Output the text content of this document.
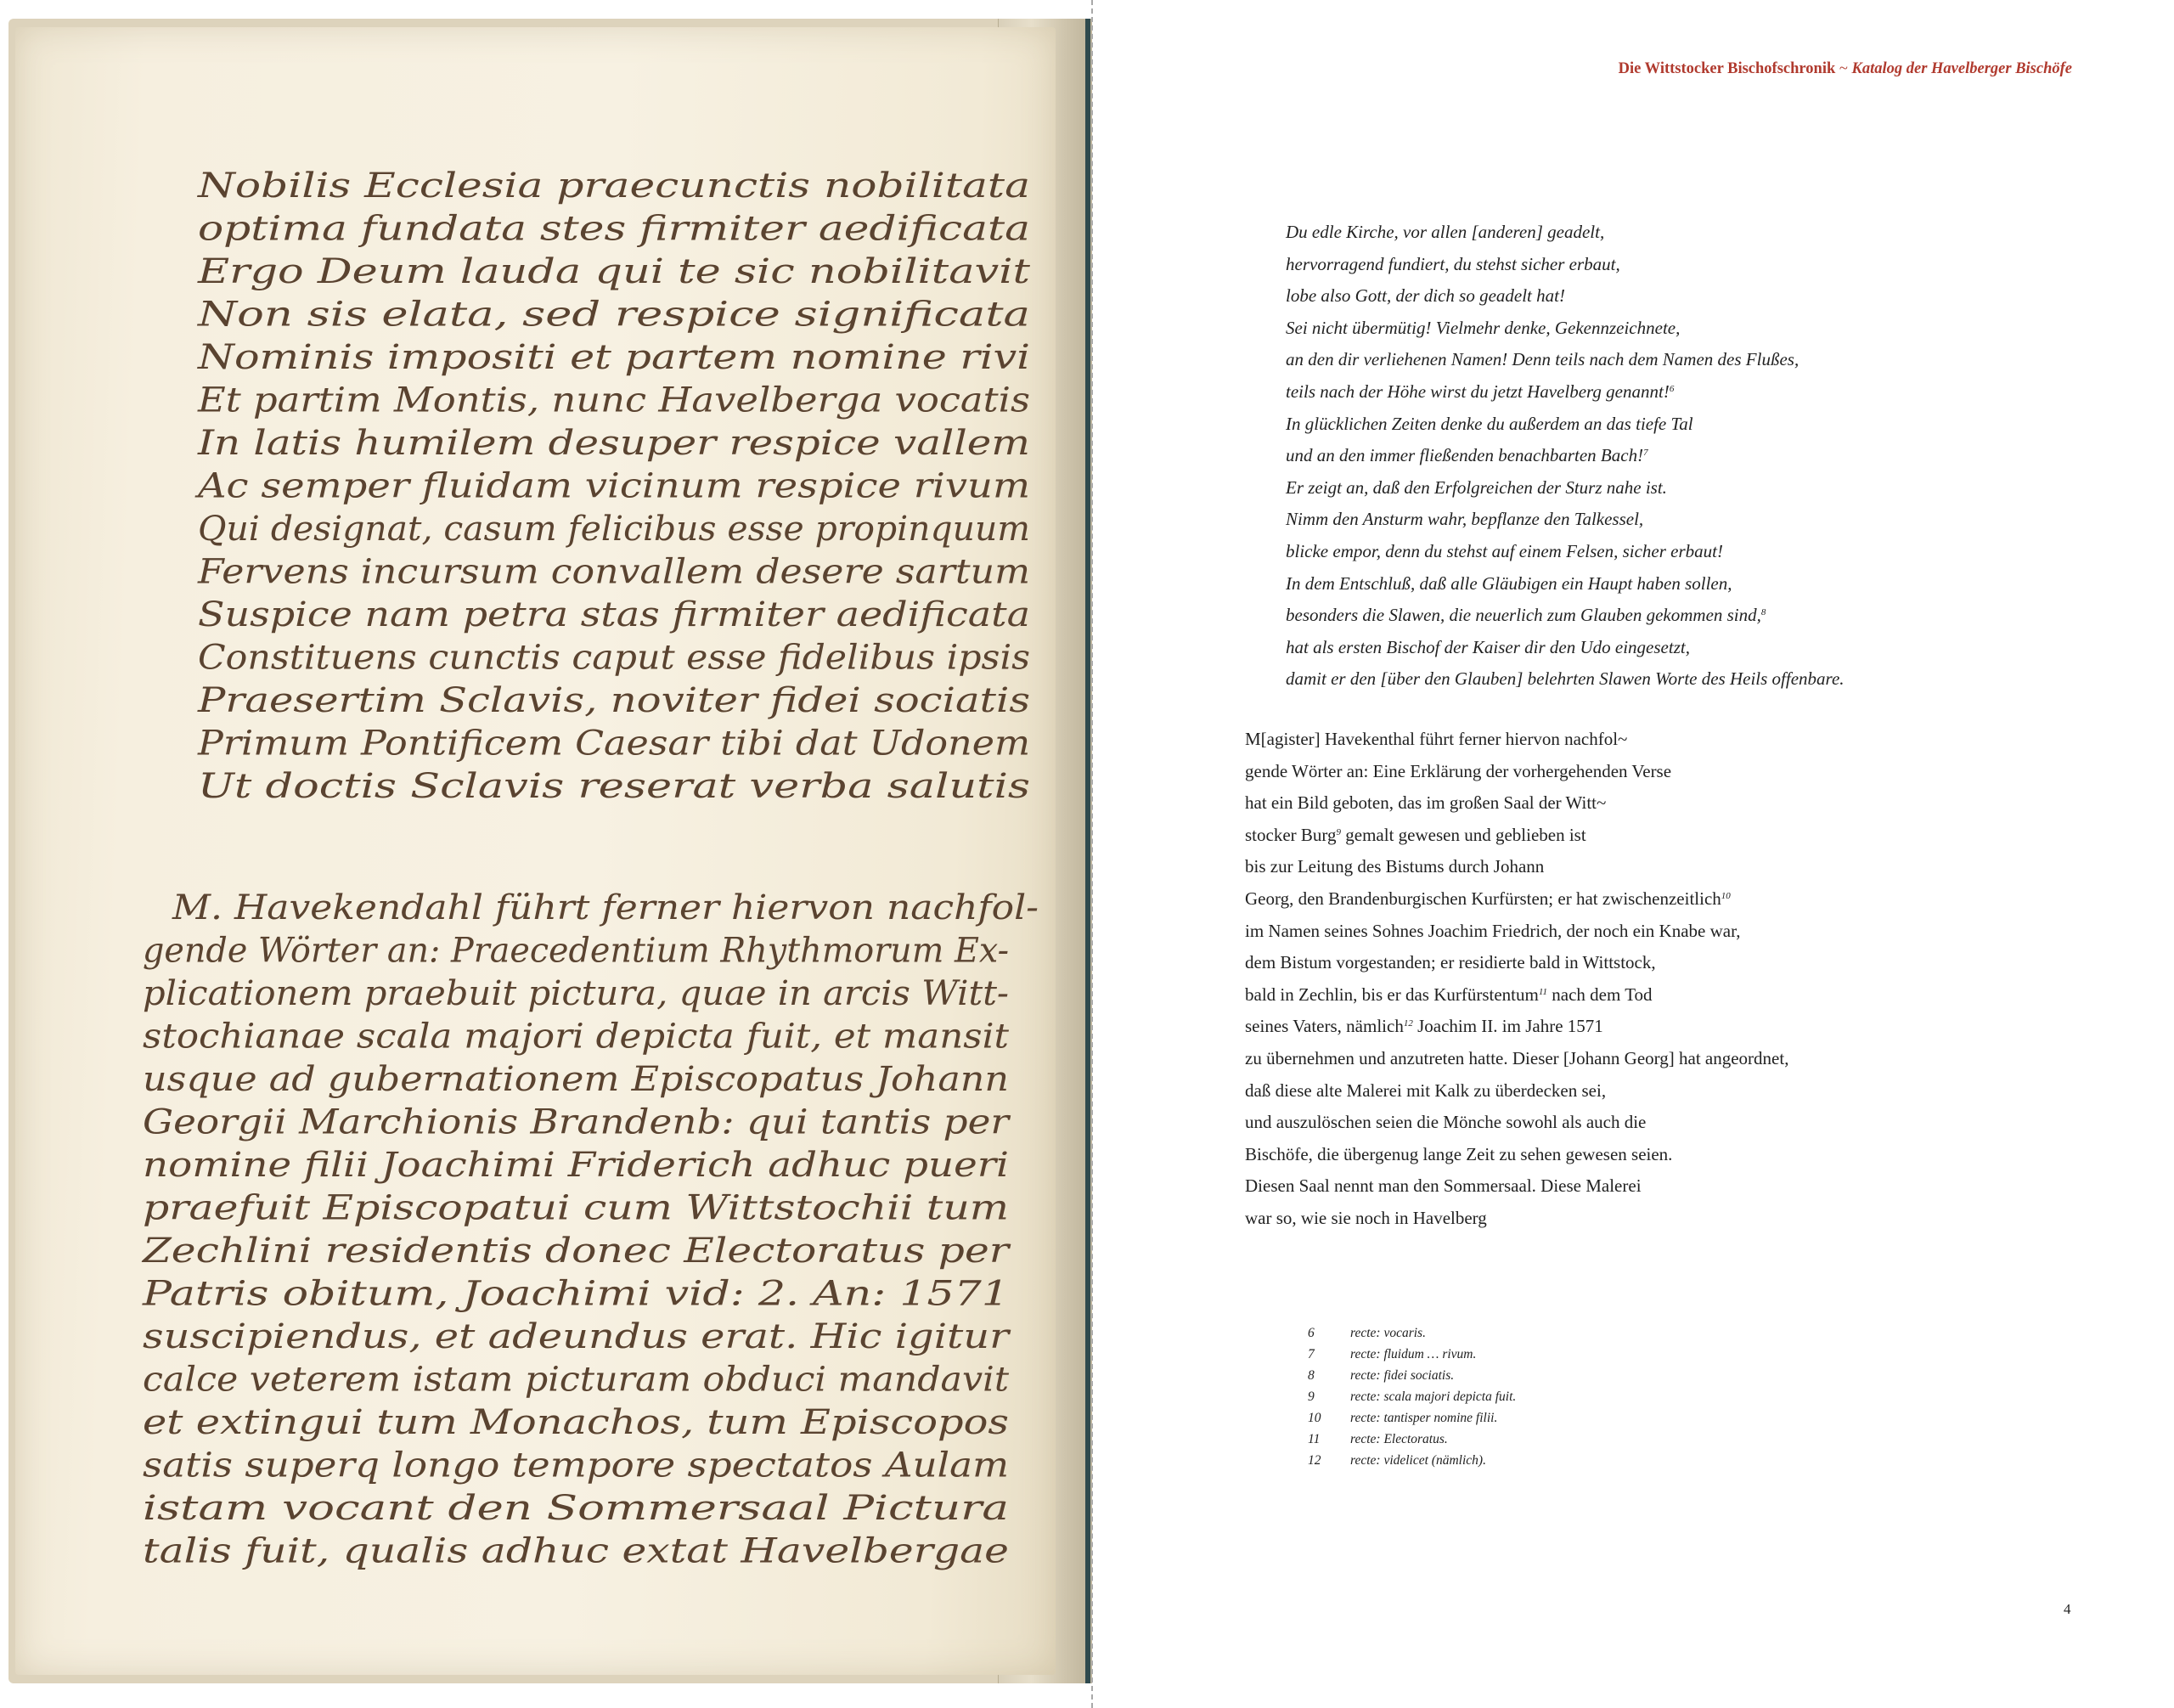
Nobilis Ecclesia praecunctis nobilitata
optima fundata stes firmiter aedificata
Ergo Deum lauda qui te sic nobilitavit
Non sis elata, sed respice significata
Nominis impositi et partem nomine rivi
Et partim Montis, nunc Havelberga vocatis
In latis humilem desuper respice vallem
Ac semper fluidam vicinum respice rivum
Qui designat, casum felicibus esse propinquum
Fervens incursum convallem desere sartum
Suspice nam petra stas firmiter aedificata
Constituens cunctis caput esse fidelibus ipsis
Praesertim Sclavis, noviter fidei sociatis
Primum Pontificem Caesar tibi dat Udonem
Ut doctis Sclavis reserat verba salutis
M. Havekendahl führt ferner hiervon nachfol-
gende Wörter an: Praecedentium Rhythmorum Ex-
plicationem praebuit pictura, quae in arcis Witt-
stochianae scala majori depicta fuit, et mansit
usque ad gubernationem Episcopatus Johann
Georgii Marchionis Brandenb: qui tantis per
nomine filii Joachimi Friderich adhuc pueri
praefuit Episcopatui cum Wittstochii tum
Zechlini residentis donec Electoratus per
Patris obitum, Joachimi vid: 2. An: 1571
suscipiendus, et adeundus erat. Hic igitur
calce veterem istam picturam obduci mandavit
et extingui tum Monachos, tum Episcopos
satis superq longo tempore spectatos Aulam
istam vocant den Sommersaal Pictura
talis fuit, qualis adhuc extat Havelbergae
Die Wittstocker Bischofschronik ~ Katalog der Havelberger Bischöfe
Du edle Kirche, vor allen [anderen] geadelt,
hervorragend fundiert, du stehst sicher erbaut,
lobe also Gott, der dich so geadelt hat!
Sei nicht übermütig! Vielmehr denke, Gekennzeichnete,
an den dir verliehenen Namen! Denn teils nach dem Namen des Flußes,
teils nach der Höhe wirst du jetzt Havelberg genannt!$^6$
In glücklichen Zeiten denke du außerdem an das tiefe Tal
und an den immer fließenden benachbarten Bach!$^7$
Er zeigt an, daß den Erfolgreichen der Sturz nahe ist.
Nimm den Ansturm wahr, bepflanze den Talkessel,
blicke empor, denn du stehst auf einem Felsen, sicher erbaut!
In dem Entschluß, daß alle Gläubigen ein Haupt haben sollen,
besonders die Slawen, die neuerlich zum Glauben gekommen sind,$^8$
hat als ersten Bischof der Kaiser dir den Udo eingesetzt,
damit er den [über den Glauben] belehrten Slawen Worte des Heils offenbare.
M[agister] Havekenthal führt ferner hiervon nachfol~
gende Wörter an: Eine Erklärung der vorhergehenden Verse
hat ein Bild geboten, das im großen Saal der Witt~
stocker Burg$^9$ gemalt gewesen und geblieben ist
bis zur Leitung des Bistums durch Johann
Georg, den Brandenburgischen Kurfürsten; er hat zwischenzeitlich$^{10}$
im Namen seines Sohnes Joachim Friedrich, der noch ein Knabe war,
dem Bistum vorgestanden; er residierte bald in Wittstock,
bald in Zechlin, bis er das Kurfürstentum$^{11}$ nach dem Tod
seines Vaters, nämlich$^{12}$ Joachim II. im Jahre 1571
zu übernehmen und anzutreten hatte. Dieser [Johann Georg] hat angeordnet,
daß diese alte Malerei mit Kalk zu überdecken sei,
und auszulöschen seien die Mönche sowohl als auch die
Bischöfe, die übergenug lange Zeit zu sehen gewesen seien.
Diesen Saal nennt man den Sommersaal. Diese Malerei
war so, wie sie noch in Havelberg
6	recte: vocaris.
7	recte: fluidum … rivum.
8	recte: fidei sociatis.
9	recte: scala majori depicta fuit.
10 recte: tantisper nomine filii.
11 recte: Electoratus.
12 recte: videlicet (nämlich).
4
